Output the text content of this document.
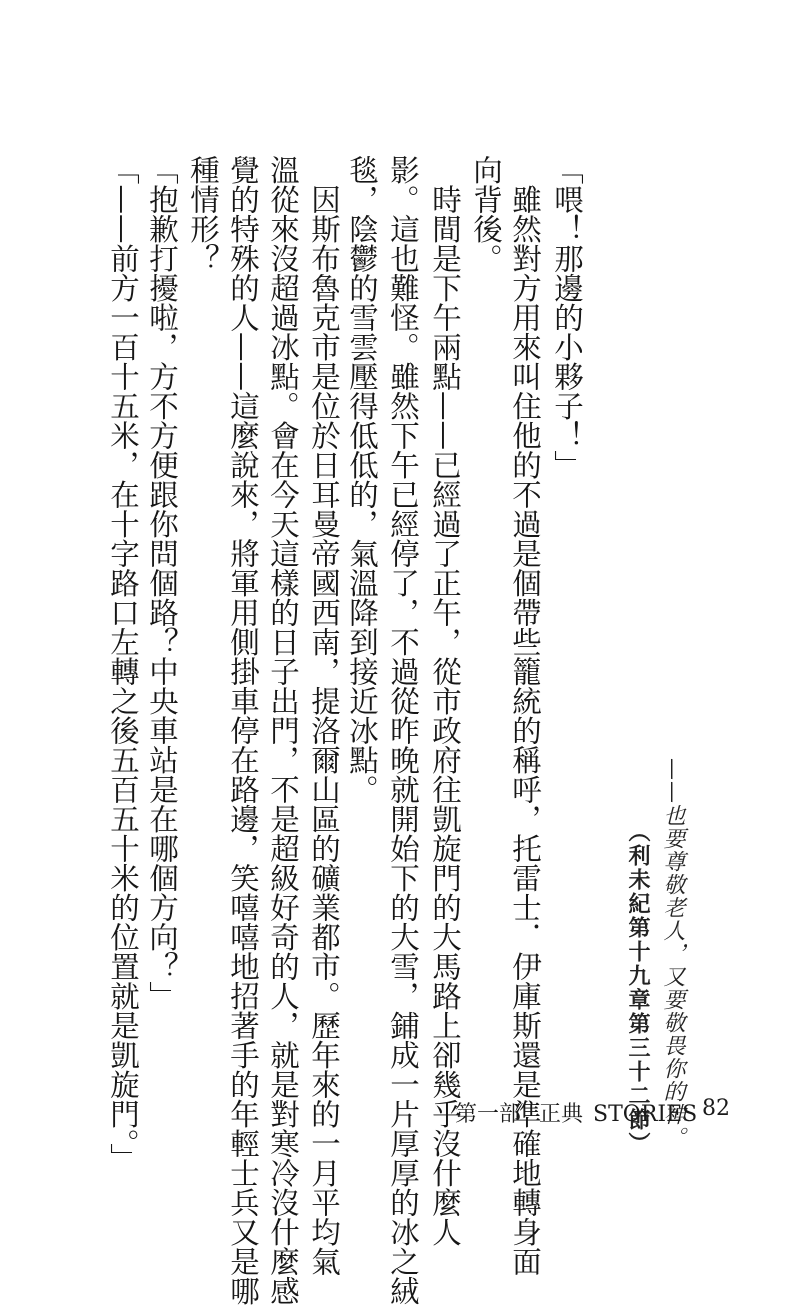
——也要尊敬老人，又要敬畏你的神。
（利未紀第十九章第三十二節）
「喂！那邊的小夥子！」
　雖然對方用來叫住他的不過是個帶些籠統的稱呼，托雷士．伊庫斯還是準確地轉身面
向背後。
　時間是下午兩點——已經過了正午，從市政府往凱旋門的大馬路上卻幾乎沒什麼人
影。這也難怪。雖然下午已經停了，不過從昨晚就開始下的大雪，鋪成一片厚厚的冰之絨
毯，陰鬱的雪雲壓得低低的，氣溫降到接近冰點。
　因斯布魯克市是位於日耳曼帝國西南，提洛爾山區的礦業都市。歷年來的一月平均氣
溫從來沒超過冰點。會在今天這樣的日子出門，不是超級好奇的人，就是對寒冷沒什麼感
覺的特殊的人——這麼說來，將軍用側掛車停在路邊，笑嘻嘻地招著手的年輕士兵又是哪
種情形？
「抱歉打擾啦，方不方便跟你問個路？中央車站是在哪個方向？」
「——前方一百十五米，在十字路口左轉之後五百五十米的位置就是凱旋門。」	第一部 正典 STORIES 82
